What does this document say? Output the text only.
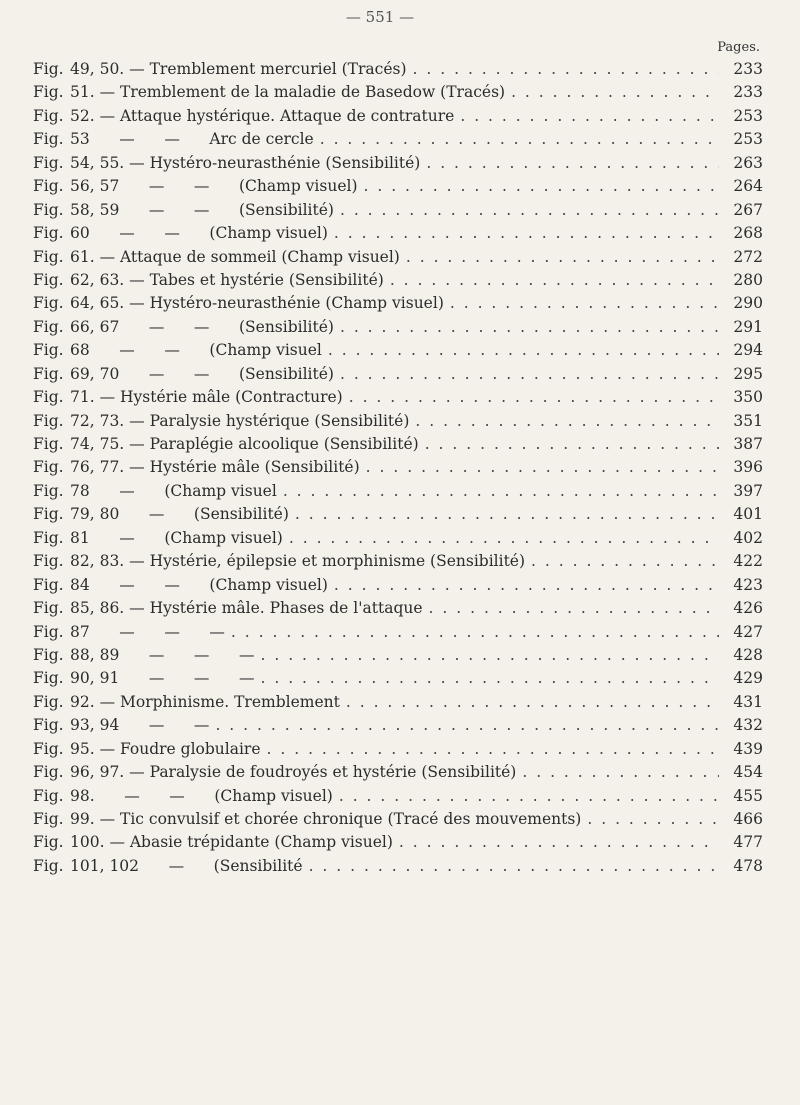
— 551 —
Pages.
Fig. 49, 50. — Tremblement mercuriel (Tracés) . . .	233
Fig. 51. — Tremblement de la maladie de Basedow (Tracés) . . .	233
Fig. 52. — Attaque hystérique. Attaque de contrature . . .	253
Fig. 53      —      —      Arc de cercle . . .	253
Fig. 54, 55. — Hystéro-neurasthénie (Sensibilité) . . .	263
Fig. 56, 57      —      —      (Champ visuel) . . .	264
Fig. 58, 59      —      —      (Sensibilité) . . .	267
Fig. 60      —      —      (Champ visuel) . . .	268
Fig. 61. — Attaque de sommeil (Champ visuel) . . .	272
Fig. 62, 63. — Tabes et hystérie (Sensibilité) . . .	280
Fig. 64, 65. — Hystéro-neurasthénie (Champ visuel) . . .	290
Fig. 66, 67      —      —      (Sensibilité) . . .	291
Fig. 68      —      —      (Champ visuel . . .	294
Fig. 69, 70      —      —      (Sensibilité) . . .	295
Fig. 71. — Hystérie mâle (Contracture) . . .	350
Fig. 72, 73. — Paralysie hystérique (Sensibilité) . . .	351
Fig. 74, 75. — Paraplégie alcoolique (Sensibilité) . . .	387
Fig. 76, 77. — Hystérie mâle (Sensibilité) . . .	396
Fig. 78      —      (Champ visuel . . .	397
Fig. 79, 80      —      (Sensibilité) . . .	401
Fig. 81      —      (Champ visuel) . . .	402
Fig. 82, 83. — Hystérie, épilepsie et morphinisme (Sensibilité) . . .	422
Fig. 84      —      —      (Champ visuel) . . .	423
Fig. 85, 86. — Hystérie mâle. Phases de l'attaque . . .	426
Fig. 87      —      —      — . . .	427
Fig. 88, 89      —      —      — . . .	428
Fig. 90, 91      —      —      — . . .	429
Fig. 92. — Morphinisme. Tremblement . . .	431
Fig. 93, 94      —      — . . .	432
Fig. 95. — Foudre globulaire . . .	439
Fig. 96, 97. — Paralysie de foudroyés et hystérie (Sensibilité) . . .	454
Fig. 98.      —      —      (Champ visuel) . . .	455
Fig. 99. — Tic convulsif et chorée chronique (Tracé des mouvements) . . .	466
Fig. 100. — Abasie trépidante (Champ visuel) . . .	477
Fig. 101, 102      —      (Sensibilité . . .	478
